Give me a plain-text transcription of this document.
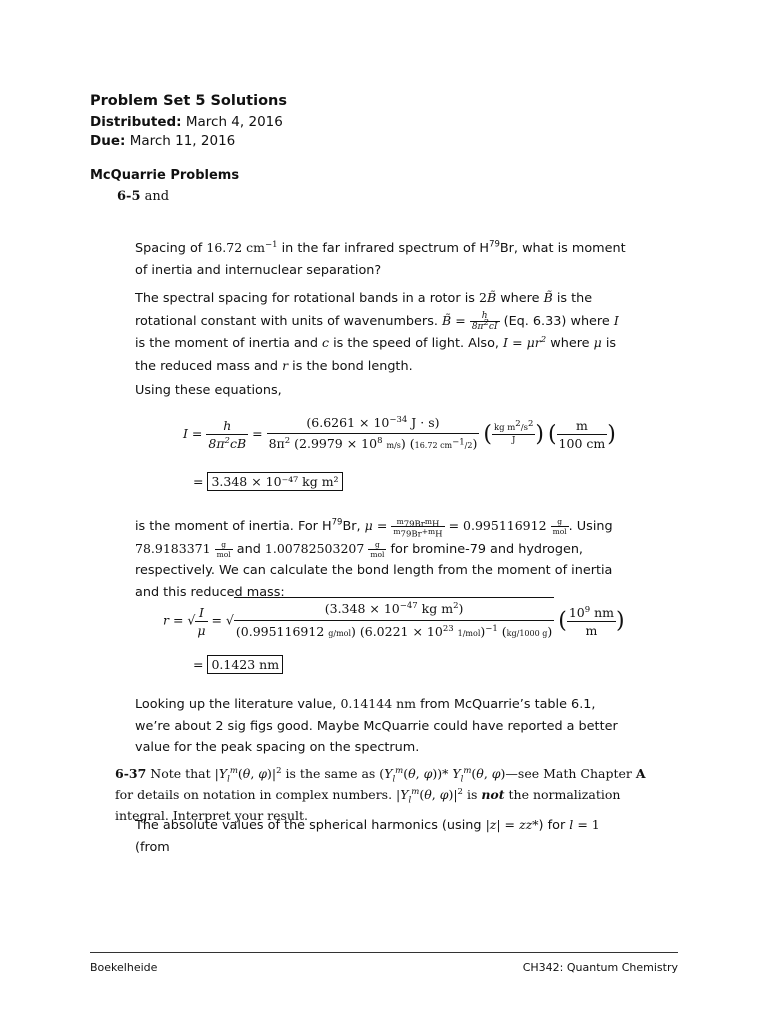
Problem Set 5 Solutions
Distributed: March 4, 2016
Due: March 11, 2016
McQuarrie Problems
6-5 and
Spacing of 16.72 $cm^{-1}$ in the far infrared spectrum of $H^{79}Br$, what is moment of inertia and internuclear separation?
The spectral spacing for rotational bands in a rotor is 2B̃ where B̃ is the rotational constant with units of wavenumbers. B̃ = $\frac{h}{8\pi^2cI} (Eq$. 6.33) where I is the moment of inertia and c is the speed of light. Also, $I = \mu r^2$ where μ is the reduced mass and r is the bond length.
Using these equations,
$I = \frac{h}{8\pi^2cB} = \frac{(6.6261 \times 10^{-34} J \cdot s)}{8\pi^2 (2.9979 \times 10^8 m/s) (16.72 cm^{-1}/2)}$ ( $\frac{kg m^2/s^2}{J}$ ) ( $\frac{m}{100 cm}$ )
= 3.348 × 10⁻⁴⁷ kg m²
is the moment of inertia. For $H^{79}Br$, $\mu = \frac{m_{79Br}m_H}{m_{79Br}+m_H} = 0.995116912 \frac{g}{\text{mol}}$ . Using $78.9183371 \frac{g}{\text{mol}}$ and $1.00782503207 \frac{g}{\text{mol}}$ for bromine-79 and hydrogen, respectively. We can calculate the bond length from the moment of inertia and this reduced mass:
r = √ $\frac{I}{\mu}$ = √ $\frac{(3.348 \times 10^{-47} kg m^2)}{(0.995116912 g/mol) (6.0221 \times 10^{23} 1/mol)^{-1} (kg/1000 g)}$ ( $\frac{10^9 nm}{m}$ )
= 0.1423 nm
Looking up the literature value, 0.14144 nm from McQuarrie’s table 6.1, we’re about 2 sig figs good. Maybe McQuarrie could have reported a better value for the peak spacing on the spectrum.
6-37 Note that $|Y_l^m(\theta$, $\varphi)|^2$ is the same as ($Y_l^m(\theta$, φ))* $Y_l^m(\theta$, φ)—see Math Chapter A for details on notation in complex numbers. $|Y_l^m(\theta$, $\varphi)|^2$ is not the normalization integral. Interpret your result.
The absolute values of the spherical harmonics (using |z| = zz*) for l = 1 (from
Boekelheide	CH342: Quantum Chemistry
